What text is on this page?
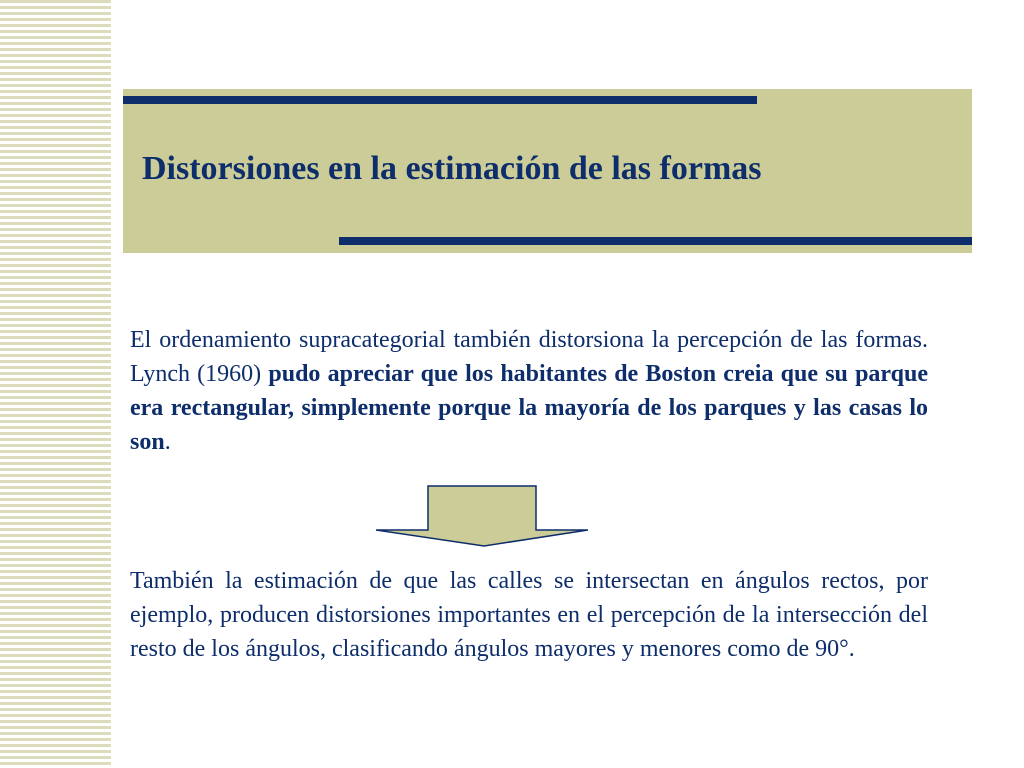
Distorsiones en la estimación de las formas

El ordenamiento supracategorial también distorsiona la percepción de las formas. Lynch (1960) pudo apreciar que los habitantes de Boston creia que su parque era rectangular, simplemente porque la mayoría de los parques y las casas lo son.

También la estimación de que las calles se intersectan en ángulos rectos, por ejemplo, producen distorsiones importantes en el percepción de la intersección del resto de los ángulos, clasificando ángulos mayores y menores como de 90°.
